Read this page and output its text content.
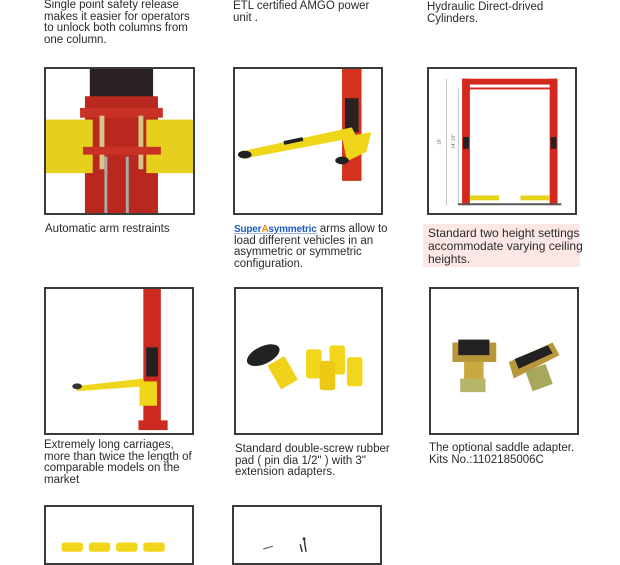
Single point safety release
makes it easier for operators
to unlock both columns from
one column.
ETL certified AMGO power
unit .
Hydraulic Direct-drived
Cylinders.
Automatic arm restraints	SuperAsymmetric arms allow to
load different vehicles in an
asymmetric or symmetric
configuration.
15' 14' 10"
Standard two height settings
accommodate varying ceiling
heights.
Extremely long carriages,
more than twice the length of
comparable models on the
market
Standard double-screw rubber
pad ( pin dia 1/2" ) with 3"
extension adapters.
The optional saddle adapter.
Kits No.:1102185006C
